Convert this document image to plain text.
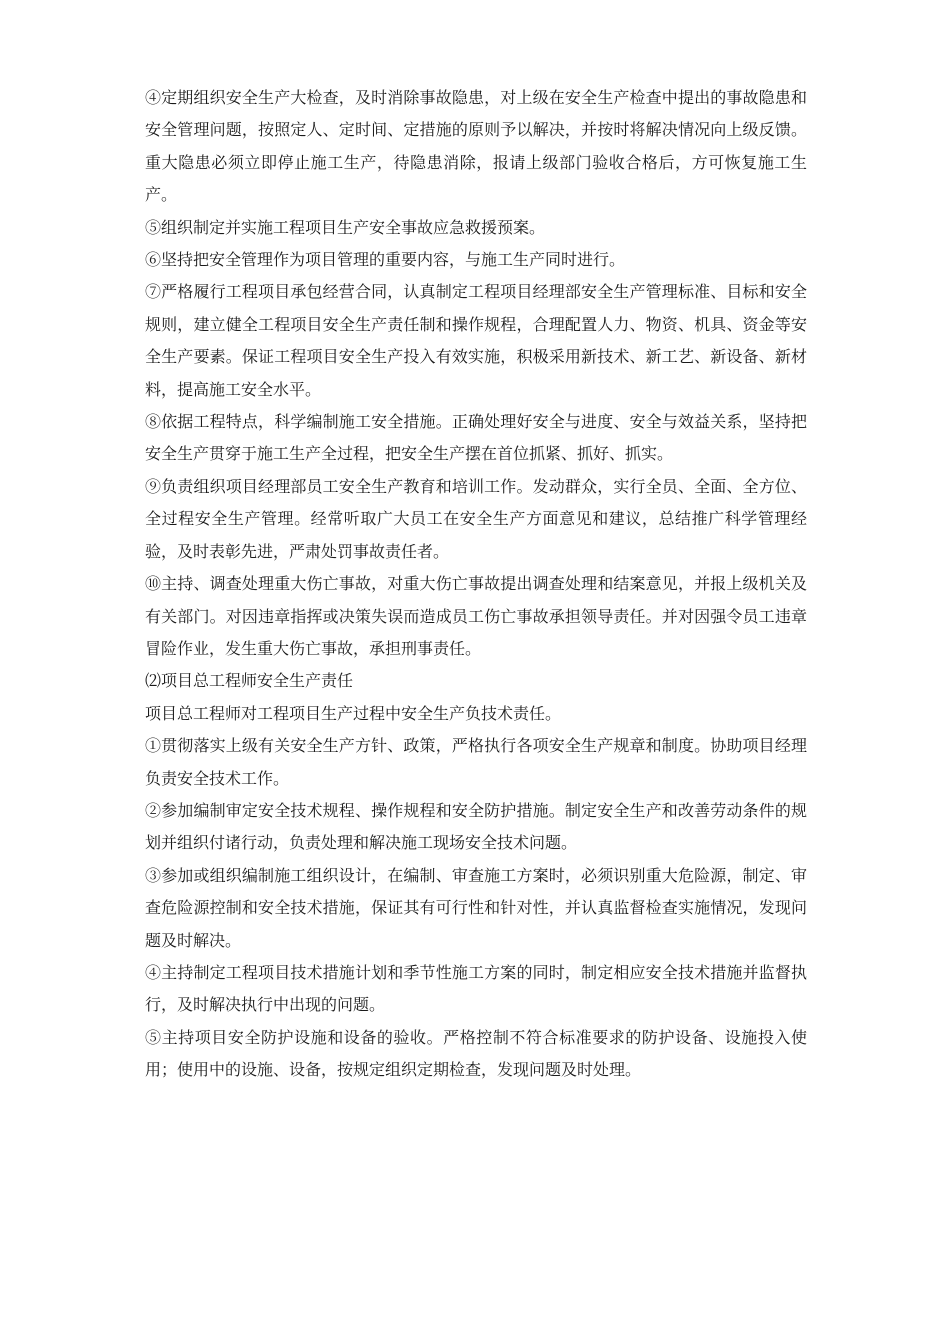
④定期组织安全生产大检查，及时消除事故隐患，对上级在安全生产检查中提出的事故隐患和安全管理问题，按照定人、定时间、定措施的原则予以解决，并按时将解决情况向上级反馈。重大隐患必须立即停止施工生产，待隐患消除，报请上级部门验收合格后，方可恢复施工生产。

⑤组织制定并实施工程项目生产安全事故应急救援预案。

⑥坚持把安全管理作为项目管理的重要内容，与施工生产同时进行。

⑦严格履行工程项目承包经营合同，认真制定工程项目经理部安全生产管理标准、目标和安全规则，建立健全工程项目安全生产责任制和操作规程，合理配置人力、物资、机具、资金等安全生产要素。保证工程项目安全生产投入有效实施，积极采用新技术、新工艺、新设备、新材料，提高施工安全水平。

⑧依据工程特点，科学编制施工安全措施。正确处理好安全与进度、安全与效益关系，坚持把安全生产贯穿于施工生产全过程，把安全生产摆在首位抓紧、抓好、抓实。

⑨负责组织项目经理部员工安全生产教育和培训工作。发动群众，实行全员、全面、全方位、全过程安全生产管理。经常听取广大员工在安全生产方面意见和建议，总结推广科学管理经验，及时表彰先进，严肃处罚事故责任者。

⑩主持、调查处理重大伤亡事故，对重大伤亡事故提出调查处理和结案意见，并报上级机关及有关部门。对因违章指挥或决策失误而造成员工伤亡事故承担领导责任。并对因强令员工违章冒险作业，发生重大伤亡事故，承担刑事责任。

⑵项目总工程师安全生产责任

项目总工程师对工程项目生产过程中安全生产负技术责任。

①贯彻落实上级有关安全生产方针、政策，严格执行各项安全生产规章和制度。协助项目经理负责安全技术工作。

②参加编制审定安全技术规程、操作规程和安全防护措施。制定安全生产和改善劳动条件的规划并组织付诸行动，负责处理和解决施工现场安全技术问题。

③参加或组织编制施工组织设计，在编制、审查施工方案时，必须识别重大危险源，制定、审查危险源控制和安全技术措施，保证其有可行性和针对性，并认真监督检查实施情况，发现问题及时解决。

④主持制定工程项目技术措施计划和季节性施工方案的同时，制定相应安全技术措施并监督执行，及时解决执行中出现的问题。

⑤主持项目安全防护设施和设备的验收。严格控制不符合标准要求的防护设备、设施投入使用；使用中的设施、设备，按规定组织定期检查，发现问题及时处理。
